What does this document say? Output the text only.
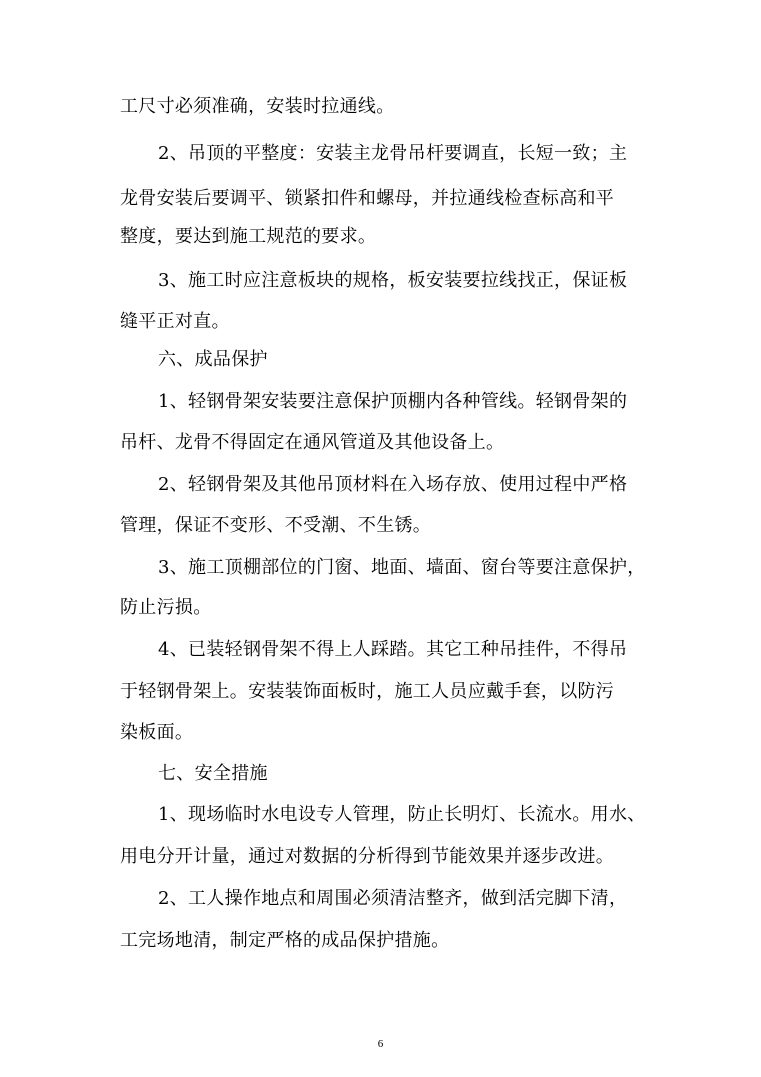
工尺寸必须准确，安装时拉通线。
2、吊顶的平整度：安装主龙骨吊杆要调直，长短一致；主
龙骨安装后要调平、锁紧扣件和螺母，并拉通线检查标高和平
整度，要达到施工规范的要求。
3、施工时应注意板块的规格，板安装要拉线找正，保证板
缝平正对直。
六、成品保护
1、轻钢骨架安装要注意保护顶棚内各种管线。轻钢骨架的
吊杆、龙骨不得固定在通风管道及其他设备上。
2、轻钢骨架及其他吊顶材料在入场存放、使用过程中严格
管理，保证不变形、不受潮、不生锈。
3、施工顶棚部位的门窗、地面、墙面、窗台等要注意保护，
防止污损。
4、已装轻钢骨架不得上人踩踏。其它工种吊挂件，不得吊
于轻钢骨架上。安装装饰面板时，施工人员应戴手套，以防污
染板面。
七、安全措施
1、现场临时水电设专人管理，防止长明灯、长流水。用水、
用电分开计量，通过对数据的分析得到节能效果并逐步改进。
2、工人操作地点和周围必须清洁整齐，做到活完脚下清，
工完场地清，制定严格的成品保护措施。
6
